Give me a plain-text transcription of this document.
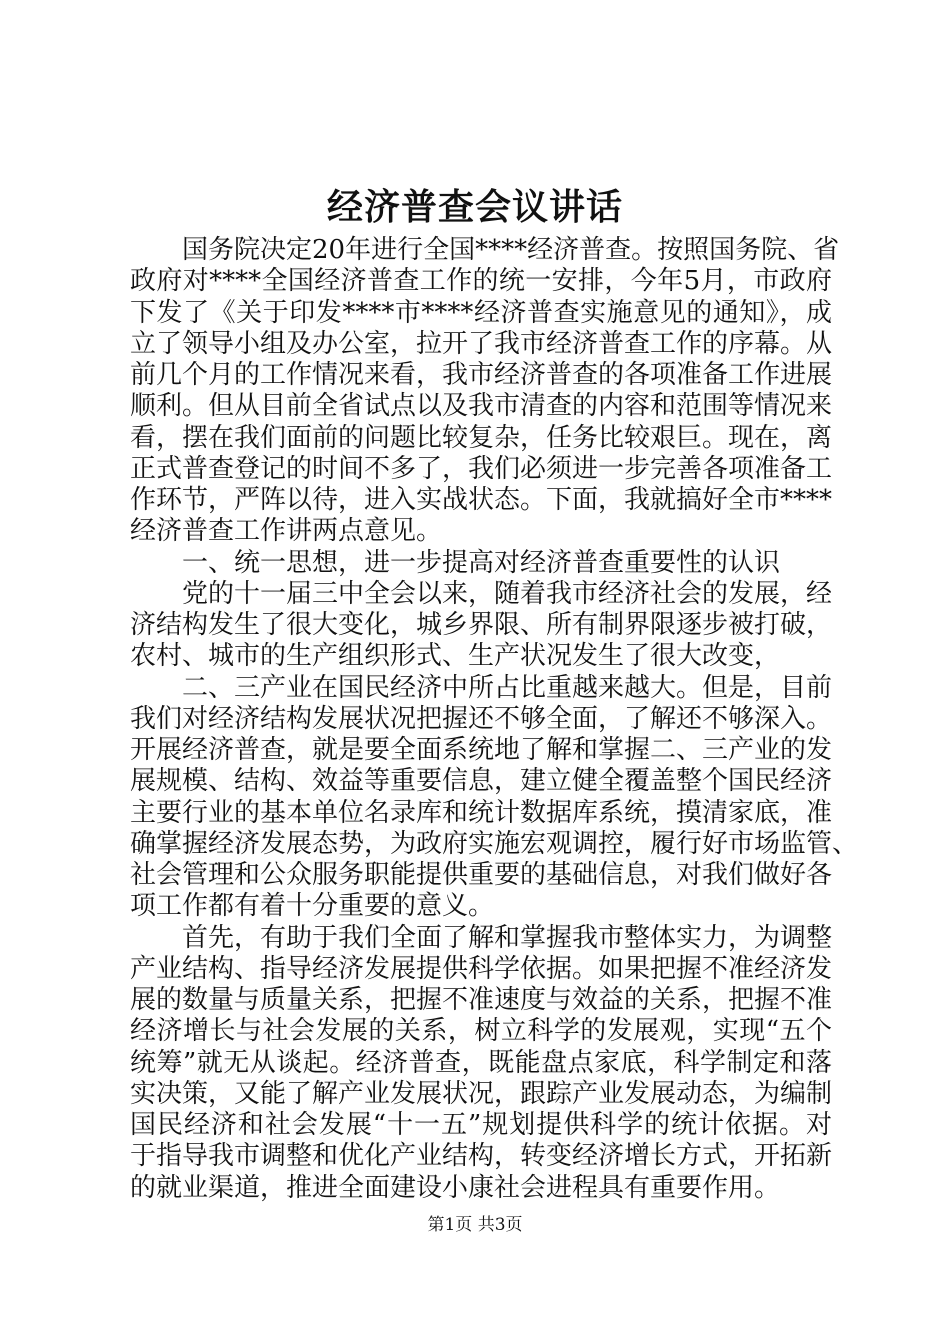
经济普查会议讲话
国务院决定20年进行全国****经济普查。按照国务院、省
政府对****全国经济普查工作的统一安排，今年5月，市政府
下发了《关于印发****市****经济普查实施意见的通知》，成
立了领导小组及办公室，拉开了我市经济普查工作的序幕。从
前几个月的工作情况来看，我市经济普查的各项准备工作进展
顺利。但从目前全省试点以及我市清查的内容和范围等情况来
看，摆在我们面前的问题比较复杂，任务比较艰巨。现在，离
正式普查登记的时间不多了，我们必须进一步完善各项准备工
作环节，严阵以待，进入实战状态。下面，我就搞好全市****
经济普查工作讲两点意见。
一、统一思想，进一步提高对经济普查重要性的认识
党的十一届三中全会以来，随着我市经济社会的发展，经
济结构发生了很大变化，城乡界限、所有制界限逐步被打破，
农村、城市的生产组织形式、生产状况发生了很大改变，
二、三产业在国民经济中所占比重越来越大。但是，目前
我们对经济结构发展状况把握还不够全面，了解还不够深入。
开展经济普查，就是要全面系统地了解和掌握二、三产业的发
展规模、结构、效益等重要信息，建立健全覆盖整个国民经济
主要行业的基本单位名录库和统计数据库系统，摸清家底，准
确掌握经济发展态势，为政府实施宏观调控，履行好市场监管、
社会管理和公众服务职能提供重要的基础信息，对我们做好各
项工作都有着十分重要的意义。
首先，有助于我们全面了解和掌握我市整体实力，为调整
产业结构、指导经济发展提供科学依据。如果把握不准经济发
展的数量与质量关系，把握不准速度与效益的关系，把握不准
经济增长与社会发展的关系，树立科学的发展观，实现“五个
统筹”就无从谈起。经济普查，既能盘点家底，科学制定和落
实决策，又能了解产业发展状况，跟踪产业发展动态，为编制
国民经济和社会发展“十一五”规划提供科学的统计依据。对
于指导我市调整和优化产业结构，转变经济增长方式，开拓新
的就业渠道，推进全面建设小康社会进程具有重要作用。
第1页 共3页
